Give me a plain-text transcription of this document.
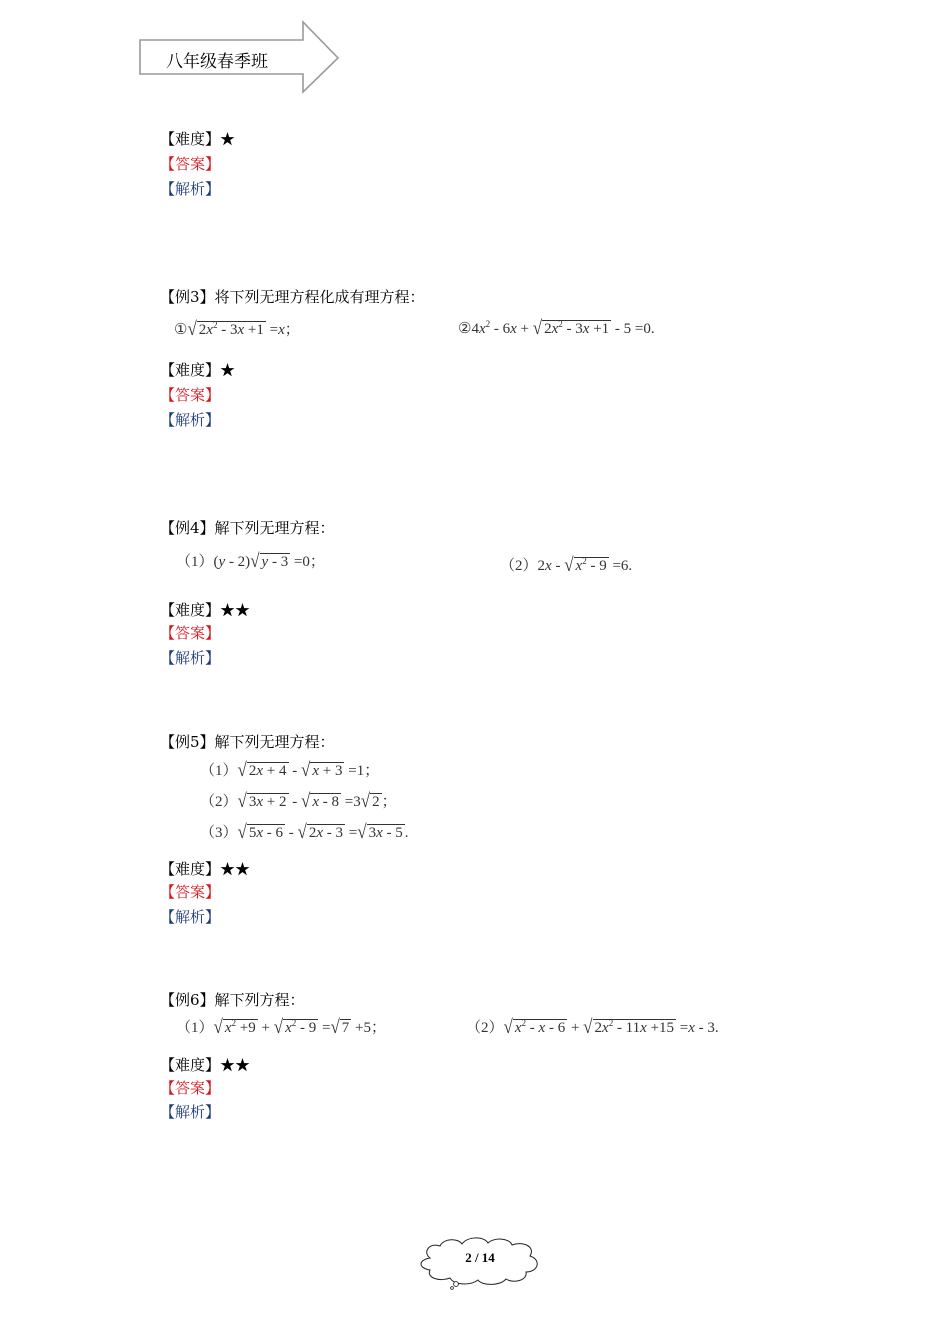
八年级春季班
【难度】★
【答案】
【解析】
【例3】将下列无理方程化成有理方程：
①√ $2x^2 - 3x +1 =x$；	$②4x^2 - 6x$ + √ $2x^2 - 3x +1 - 5 =0$.
【难度】★
【答案】
【解析】
【例4】解下列无理方程：
（1）(y - 2)√ y - 3 =0；	（2）2x - √ $x^2 - 9 =6$.
【难度】★★
【答案】
【解析】
【例5】解下列无理方程：
（1）√ 2x + 4 - √ x + 3 =1；
（2）√ 3x + 2 - √ x - 8 =3√ 2 ；
（3）√ 5x - 6 - √ 2x - 3 =√ 3x - 5 .
【难度】★★
【答案】
【解析】
【例6】解下列方程：
（1）√ $x^2 +9$ + √ $x^2 - 9$ =√ 7 +5；	（2）√ $x^2$ - x - 6 + √ $2x^2 - 11x +15 =x - 3$.
【难度】★★
【答案】
【解析】
2 / 14
